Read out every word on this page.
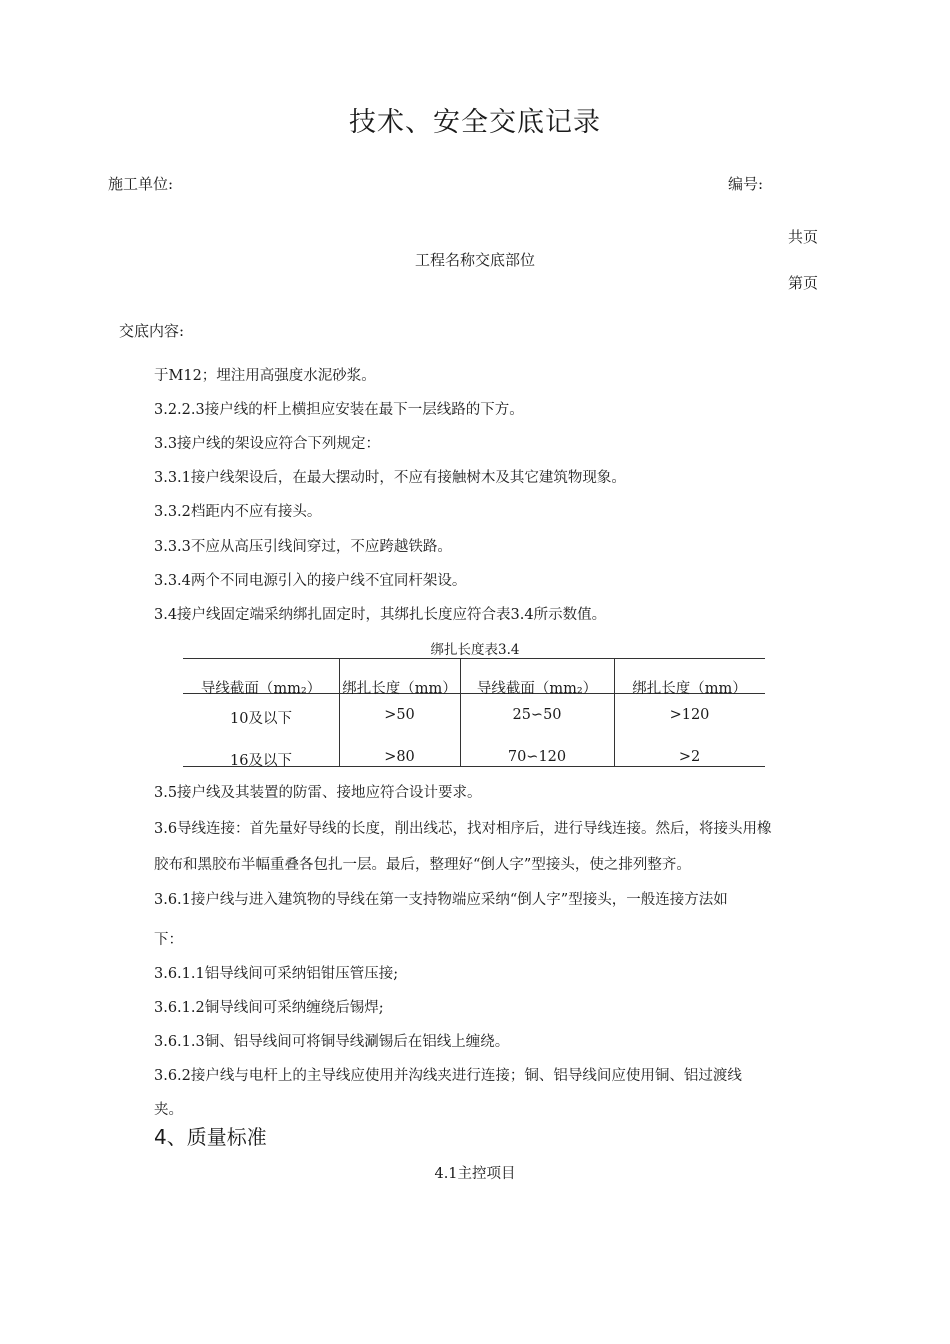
技术、安全交底记录
施工单位:	编号:
共页
工程名称交底部位
第页
交底内容:
于M12；埋注用高强度水泥砂浆。
3.2.2.3接户线的杆上横担应安装在最下一层线路的下方。
3.3接户线的架设应符合下列规定：
3.3.1接户线架设后，在最大摆动时，不应有接触树木及其它建筑物现象。
3.3.2档距内不应有接头。
3.3.3不应从高压引线间穿过，不应跨越铁路。
3.3.4两个不同电源引入的接户线不宜同杆架设。
3.4接户线固定端采纳绑扎固定时，其绑扎长度应符合表3.4所示数值。
绑扎长度表3.4
导线截面（mm₂）	绑扎长度（mm）	导线截面（mm₂）	绑扎长度（mm）
10及以下	>50	25∽50	>120
16及以下	>80	70∽120	>2
3.5接户线及其装置的防雷、接地应符合设计要求。
3.6导线连接：首先量好导线的长度，削出线芯，找对相序后，进行导线连接。然后，将接头用橡
胶布和黑胶布半幅重叠各包扎一层。最后，整理好“倒人字”型接头，使之排列整齐。
3.6.1接户线与进入建筑物的导线在第一支持物端应采纳“倒人字”型接头，一般连接方法如
下：
3.6.1.1铝导线间可采纳铝钳压管压接;
3.6.1.2铜导线间可采纳缠绕后锡焊;
3.6.1.3铜、铝导线间可将铜导线涮锡后在铝线上缠绕。
3.6.2接户线与电杆上的主导线应使用并沟线夹进行连接；铜、铝导线间应使用铜、铝过渡线
夹。
4、质量标准
4.1主控项目
